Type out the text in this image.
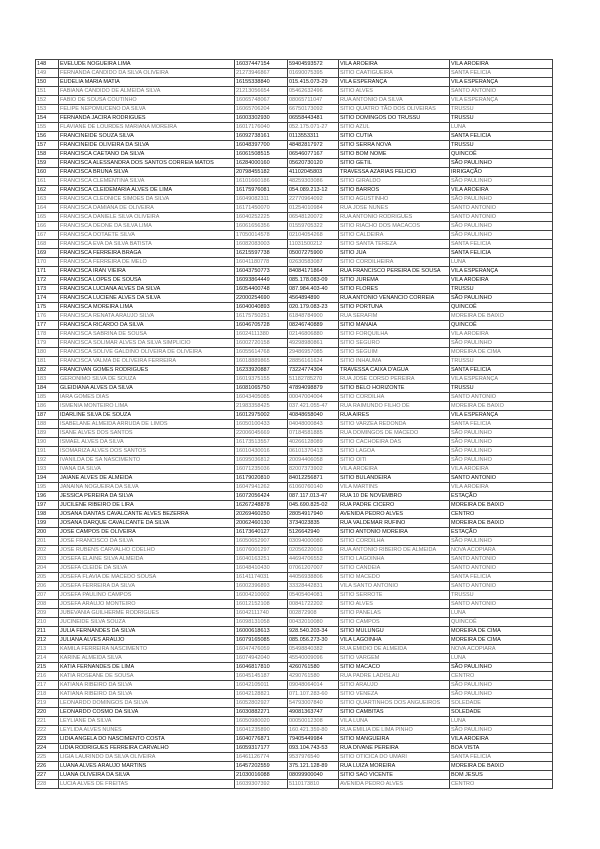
148	EVELUDE NOGUEIRA LIMA	16037447154	59404593572	VILA AROEIRA	VILA AROEIRA
149	FERNANDA CANDIDO DA SILVA OLIVEIRA	21273946867	01690075395	SITIO CAATIGUEIRA	SANTA FELICIA
150	EUDELIA MARIA MATIA	16155338840	015.415.073-29	VILA ESPERANÇA	VILA ESPERANÇA
151	FABIANA CANDIDO DE ALMEIDA SILVA	21213056654	05462632496	SITIO ALVES	SANTO ANTONIO
152	FABIO DE SOUSA COUTINHO	16065748067	08065711047	RUA ANTONIO DA SILVA	VILA ESPERANÇA
153	FELIPE NEPOMUCENO DA SILVA	16065706204	66750173092	SITIO QUATRO TÃO DOS OLIVEIRAS	TRUSSU
154	FERNANDA JACIRA RODRIGUES	16003302930	06558443481	SITIO DOMINGOS DO TRUSSU	TRUSSU
155	FLAVIANE DE LOURDES MARIANA MOREIRA	16017176040	052.175.071-27	SITIO AZUL	LUNA
156	FRANCINEIDE SOUZA SILVA	16092738161	0113553311	SITIO CUTIA	SANTA FELICIA
157	FRANCINEIDE OLIVEIRA DA SILVA	16048397700	48482817972	SITIO SERRA NOVA	TRUSSU
158	FRANCISCA CAETANO DA SILVA	16061508515	06546077167	SITIO BOM NOME	QUINCOÊ
159	FRANCISCA ALESSANDRA DOS SANTOS CORREIA MATOS	16284000160	05620730120	SITIO GETIL	SÃO PAULINHO
160	FRANCISCA BRUNA SILVA	20798455182	41102045803	TRAVESSA AZARIAS FELICIO	IRRIGAÇÃO
161	FRANCISCA CLEMENTINA SILVA	16101660186	48259303086	SITIO GIRALDO	SÃO PAULINHO
162	FRANCISCA CLEIDEMARIA ALVES DE LIMA	16175976081	054.089.213-12	SITIO BARROS	VILA AROEIRA
163	FRANCISCA CLEONICE SIMOES DA SILVA	16049082311	22770964092	SITIO AGUSTINHO	SÃO PAULINHO
164	FRANCISCA DAMIANA DE OLIVEIRA	16171450070	01254010984	RUA JOSE NUNES	SANTO ANTONIO
165	FRANCISCA DANIELE SILVA OLIVEIRA	16040252225	06548120072	RUA ANTONIO RODRIGUES	SANTO ANTONIO
166	FRANCISCA DEONE DA SILVA LIMA	16061656356	01559705322	SITIO RIACHO DOS MACACOS	SÃO PAULINHO
167	FRANCISCA DOTAETE SILVA	17050014578	02104054268	SITIO CALDEIRA	SÃO PAULINHO
168	FRANCISCA EVA DA SILVA BATISTA	16082083003	11031500212	SITIO SANTA TEREZA	SANTA FELICIA
169	FRANCISCA FERREIRA BRAGA	16215597738	05007275900	SITIO JUA	SANTA FELICIA
170	FRANCISCA FERREIRA DE MELO	16041180778	02630583087	SITIO CORDILHEIRA	LUNA
171	FRANCISCA IRAN VIEIRA	16043750773	84084171864	RUA FRANCISCO PEREIRA DE SOUSA	VILA ESPERANÇA
172	FRANCISCA LOPES DE SOUSA	16093864449	085.178.083-09	SITIO JUREMA	VILA AROEIRA
173	FRANCISCA LUCIANA ALVES DA SILVA	16054400748	087.984.403-40	SITIO FLORES	TRUSSU
174	FRANCISCA LUCIENE ALVES DA SILVA	22000254690	4564894890	RUA ANTONIO VENANCIO CORREIA	SÃO PAULINHO
175	FRANCISCA MOREIRA LIMA	16040040893	020.179.083-23	SITIO PORTUNA	QUINCOÊ
176	FRANCISCA RENATA ARAUJO SILVA	16175750251	61848784900	RUA SERAFIM	MOREIRA DE BAIXO
177	FRANCISCA RICARDO DA SILVA	16046705728	08246740889	SITIO MANAIA	QUINCOÊ
178	FRANCISCA SABRINA DE SOUSA	16024111380	02146806880	SITIO FORQUILHA	VILA AROEIRA
179	FRANCISCA SOLIMAR ALVES DA SILVA SIMPLICIO	16002720158	49298980861	SITIO SEGURO	SÃO PAULINHO
180	FRANCISCA SOLIVE GALDINO OLIVEIRA DE OLIVEIRA	16055614768	29486957085	SITIO SEGUIM	MOREIRA DE CIMA
181	FRANCISCA VALMA DE OLIVEIRA FERREIRA	16018889865	28856161624	SITIO INHAUMA	TRUSSU
182	FRANCIVAN GOMES RODRIGUES	16233920887	73224774304	TRAVESSA CAIXA D'AGUA	SANTA FELICIA
183	GERONIMO SILVA DE SOUZA	16019375155	51182785270	RUA JOSE CORSO PEREIRA	VILA ESPERANÇA
184	GLEIDIANA ALVES DA SILVA	16081065750	47894098879	SITIO BELO HORIZONTE	TRUSSU
185	IARA GOMES DIAS	16043405085	00047004004	SITIO CORDILHA	SANTO ANTONIO
186	ISMENIA MONTEIRO LIMA	21983358425	037.421.055-47	RUA RAIMUNDO FILHO DE	MOREIRA DE BAIXO
187	IDARLINE SILVA DE SOUZA	16012975002	40848658040	RUA AIRES	VILA ESPERANÇA
188	ISABELANE ALMEIDA ARRUDA DE LIMOS	16050100433	04048000843	SITIO VARZEA REDONDA	SANTA FELICIA
189	ISANE ALVES DOS SANTOS	22006045669	07184581885	RUA DOMINGOS DE MACEDO	SÃO PAULINHO
190	ISMAEL ALVES DA SILVA	16173513557	40266128089	SITIO CACHOEIRA DAS	SÃO PAULINHO
191	ISOMARIZA ALVES DOS SANTOS	16010430016	06101370413	SITIO LAGOA	SÃO PAULINHO
192	IVANILDA DE SA NASCIMENTO	16095036812	20094406058	SITIO OITI	SÃO PAULINHO
193	IVANA DA SILVA	16071235036	82007373902	VILA AROEIRA	VILA AROEIRA
194	JAIANE ALVES DE ALMEIDA	16179020810	84012256871	SITIO BULANDEIRA	SANTO ANTONIO
195	JANAINA NOGUEIRA DA SILVA	16047941262	61060760140	VILA MARTINS	VILA AROEIRA
196	JESSICA PEREIRA DA SILVA	16072056424	087.117.013-47	RUA 10 DE NOVEMBRO	ESTAÇÃO
197	JUCILENE RIBEIRO DE LIRA	16267248878	045.690.825-02	RUA PADRE CICERO	MOREIRA DE BAIXO
198	JOSANA DANTAS CAVALCANTE ALVES BEZERRA	20269460250	28054917940	AVENIDA PEDRO ALVES	CENTRO
199	JOSANA DARQUE CAVALCANTE DA SILVA	20062460130	3734023835	RUA VALDEMAR RUFINO	MOREIRA DE BAIXO
200	JOSE CAMPOS DE OLIVEIRA	16173640127	5126642940	SITIO ANTONIO MOREIRA	ESTAÇÃO
201	JOSE FRANCISCO DA SILVA	16050652907	03094000080	SITIO CORDILHA	SÃO PAULINHO
202	JOSE RUBENS CARVALHO COELHO	16076001297	02056220016	RUA ANTONIO RIBEIRO DE ALMEIDA	NOVA ACOPIARA
203	JOSEFA ELAINE SILVA ALMEIDA	16040163251	44694706552	SITIO LAGOINHA	SANTO ANTONIO
204	JOSEFA CLEIDE DA SILVA	16048410430	07061207007	SITIO CANDEIA	SANTO ANTONIO
205	JOSEFA FLAVIA DE MACEDO SOUSA	16141174031	44056938806	SITIO MACEDO	SANTA FELICIA
206	JOSEFA FERREIRA DA SILVA	16002396893	33328442831	VILA SANTO ANTONIO	SANTO ANTONIO
207	JOSEFA PAULINO CAMPOS	16004210002	05405404081	SITIO SERROTE	TRUSSU
208	JOSEFA ARAUJO MONTEIRO	16012152108	00841722202	SITIO ALVES	SANTO ANTONIO
209	JUBEVANIA GUILHERME RODRIGUES	16042111740	002872908	SITIO PANELAS	LUNA
210	JUCINEIDE SILVA SOUZA	16098131058	00432010080	SITIO CAMPOS	QUINCOÊ
211	JULIA FERNANDES DA SILVA	16000618613	928.540.203-34	SITIO MULUNGU	MOREIRA DE CIMA
212	JULIANA ALVES ARAUJO	16079165085	085.056.273-30	VILA LAGOINHA	MOREIRA DE CIMA
213	KAMILA FERREIRA NASCIMENTO	16047476059	05498840382	RUA EMIDIO DE ALMEIDA	NOVA ACOPIARA
214	KARINE ALMEIDA SILVA	16074942040	45540009096	SITIO VARGEM	LUNA
215	KATIA FERNANDES DE LIMA	16046817810	4260761580	SITIO MACACO	SÃO PAULINHO
216	KATIA ROSEANE DE SOUSA	16045145187	4290761580	RUA PADRE LADISLAU	CENTRO
217	KATIANA RIBEIRO DA SILVA	16042105011	09048064014	SITIO ARAUJO	SÃO PAULINHO
218	KATIANA RIBEIRO DA SILVA	16042128821	071.107.283-60	SITIO VENEZA	SÃO PAULINHO
219	LEONARDO DOMINGOS DA SILVA	16052802927	54793007840	SITIO QUARTINHOS DOS ANGUEIROS	SOLEDADE
220	LEONARDO COSMO DA SILVA	16030882271	49081363747	SITIO CAMBITAS	SOLEDADE
221	LEYLIANE DA SILVA	16050980020	00050012308	VILA LUNA	LUNA
222	LEYLIDA ALVES NUNES	16041235890	160.421.359-80	RUA EMILIA DE LIMA PINHO	SÃO PAULINHO
223	LIDIA ANGELA DO NASCIMENTO COSTA	16040776871	79405449984	SITIO MANGUEIRA	VILA AROEIRA
224	LIDIA RODRIGUES FERREIRA CARVALHO	16059317177	093.104.743-53	RUA DIVANE PEREIRA	BOA VISTA
225	LIGIA LAURINDO DA SILVA OLIVEIRA	16461126774	9537976540	SITIO OTICICA DO UMARI	SANTA FELICIA
226	LUANA ALVES ARAUJO MARTINS	16457202559	375.121.128-89	RUA LUIZA MOREIRA	MOREIRA DE BAIXO
227	LUANA OLIVEIRA DA SILVA	21030016088	08099900040	SITIO SAO VICENTE	BOM JESUS
228	LUCIA ALVES DE FREITAS	16039307392	5110173810	AVENIDA PEDRO ALVES	CENTRO
